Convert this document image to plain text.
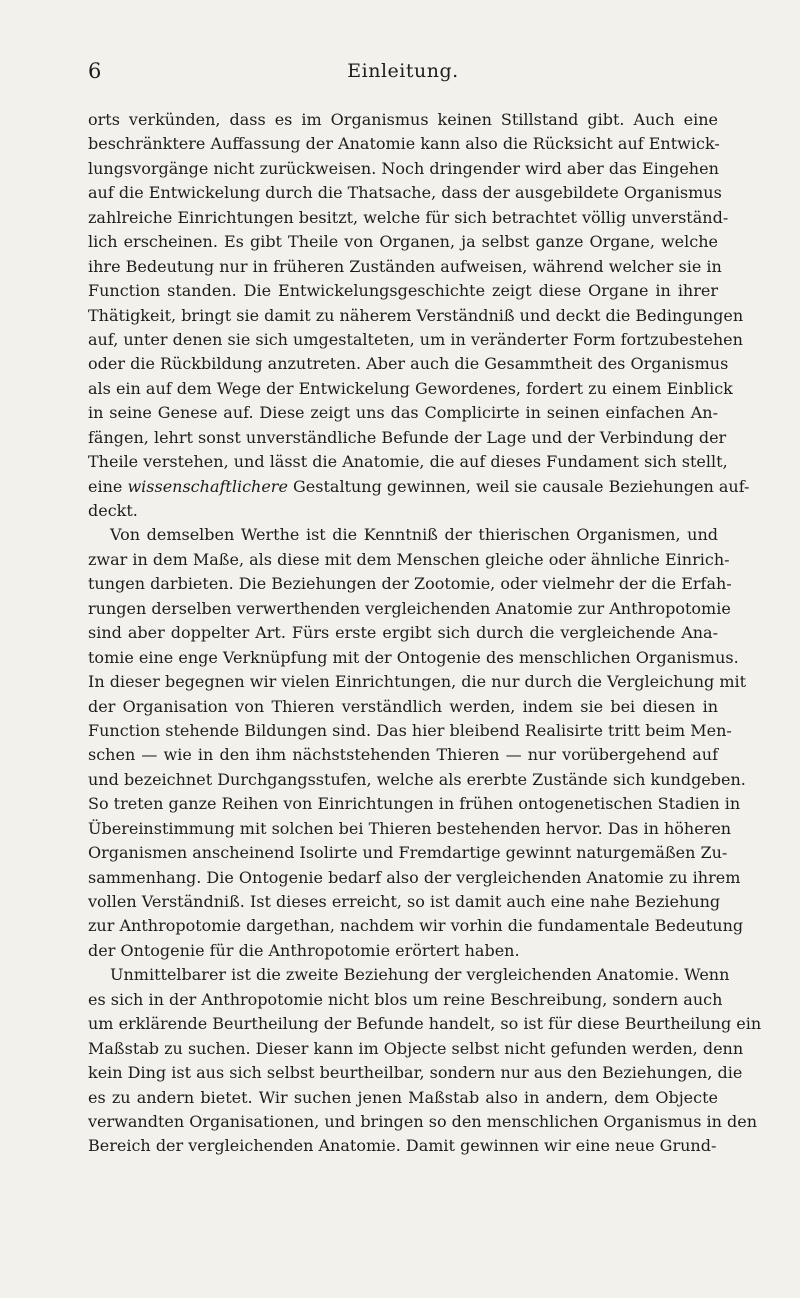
6	Einleitung.
orts verkünden, dass es im Organismus keinen Stillstand gibt. Auch eine
beschränktere Auffassung der Anatomie kann also die Rücksicht auf Entwick-
lungsvorgänge nicht zurückweisen. Noch dringender wird aber das Eingehen
auf die Entwickelung durch die Thatsache, dass der ausgebildete Organismus
zahlreiche Einrichtungen besitzt, welche für sich betrachtet völlig unverständ-
lich erscheinen. Es gibt Theile von Organen, ja selbst ganze Organe, welche
ihre Bedeutung nur in früheren Zuständen aufweisen, während welcher sie in
Function standen. Die Entwickelungsgeschichte zeigt diese Organe in ihrer
Thätigkeit, bringt sie damit zu näherem Verständniß und deckt die Bedingungen
auf, unter denen sie sich umgestalteten, um in veränderter Form fortzubestehen
oder die Rückbildung anzutreten. Aber auch die Gesammtheit des Organismus
als ein auf dem Wege der Entwickelung Gewordenes, fordert zu einem Einblick
in seine Genese auf. Diese zeigt uns das Complicirte in seinen einfachen An-
fängen, lehrt sonst unverständliche Befunde der Lage und der Verbindung der
Theile verstehen, und lässt die Anatomie, die auf dieses Fundament sich stellt,
eine wissenschaftlichere Gestaltung gewinnen, weil sie causale Beziehungen auf-
deckt.
Von demselben Werthe ist die Kenntniß der thierischen Organismen, und
zwar in dem Maße, als diese mit dem Menschen gleiche oder ähnliche Einrich-
tungen darbieten. Die Beziehungen der Zootomie, oder vielmehr der die Erfah-
rungen derselben verwerthenden vergleichenden Anatomie zur Anthropotomie
sind aber doppelter Art. Fürs erste ergibt sich durch die vergleichende Ana-
tomie eine enge Verknüpfung mit der Ontogenie des menschlichen Organismus.
In dieser begegnen wir vielen Einrichtungen, die nur durch die Vergleichung mit
der Organisation von Thieren verständlich werden, indem sie bei diesen in
Function stehende Bildungen sind. Das hier bleibend Realisirte tritt beim Men-
schen — wie in den ihm nächststehenden Thieren — nur vorübergehend auf
und bezeichnet Durchgangsstufen, welche als ererbte Zustände sich kundgeben.
So treten ganze Reihen von Einrichtungen in frühen ontogenetischen Stadien in
Übereinstimmung mit solchen bei Thieren bestehenden hervor. Das in höheren
Organismen anscheinend Isolirte und Fremdartige gewinnt naturgemäßen Zu-
sammenhang. Die Ontogenie bedarf also der vergleichenden Anatomie zu ihrem
vollen Verständniß. Ist dieses erreicht, so ist damit auch eine nahe Beziehung
zur Anthropotomie dargethan, nachdem wir vorhin die fundamentale Bedeutung
der Ontogenie für die Anthropotomie erörtert haben.
Unmittelbarer ist die zweite Beziehung der vergleichenden Anatomie. Wenn
es sich in der Anthropotomie nicht blos um reine Beschreibung, sondern auch
um erklärende Beurtheilung der Befunde handelt, so ist für diese Beurtheilung ein
Maßstab zu suchen. Dieser kann im Objecte selbst nicht gefunden werden, denn
kein Ding ist aus sich selbst beurtheilbar, sondern nur aus den Beziehungen, die
es zu andern bietet. Wir suchen jenen Maßstab also in andern, dem Objecte
verwandten Organisationen, und bringen so den menschlichen Organismus in den
Bereich der vergleichenden Anatomie. Damit gewinnen wir eine neue Grund-
